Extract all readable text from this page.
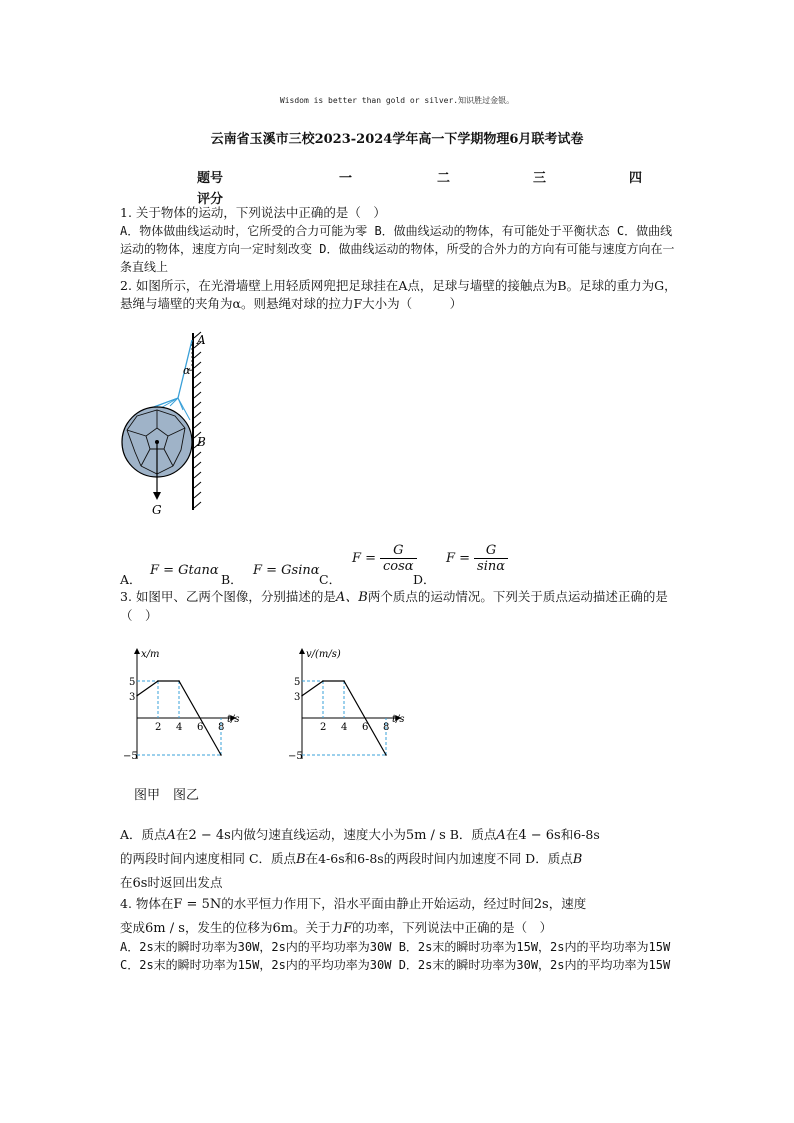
Wisdom is better than gold or silver.知识胜过金银。
云南省玉溪市三校2023-2024学年高一下学期物理6月联考试卷
题号	一	二	三	四
评分				
1. 关于物体的运动，下列说法中正确的是（　）
A．物体做曲线运动时，它所受的合力可能为零 B．做曲线运动的物体，有可能处于平衡状态 C．做曲线运动的物体，速度方向一定时刻改变 D．做曲线运动的物体，所受的合外力的方向有可能与速度方向在一条直线上
2. 如图所示，在光滑墙壁上用轻质网兜把足球挂在A点，足球与墙壁的接触点为B。足球的重力为G，悬绳与墙壁的夹角为α。则悬绳对球的拉力F大小为（　　　）
A
B
α
G
A．
F = Gtanα
B．
F = Gsinα
C．
$F = \frac{G}{\cos\alpha}$
D．
$F = \frac{G}{\sin\alpha}$
3. 如图甲、乙两个图像，分别描述的是A、B两个质点的运动情况。下列关于质点运动描述正确的是（　）
x/m
t/s
2 4 6 8
5
3
−5
v/(m/s)
t/s
2 4 6 8
5
3
−5
图甲　图乙
A．质点A在2 − 4s内做匀速直线运动，速度大小为5m / s B．质点A在4 − 6s和6-8s
的两段时间内速度相同 C．质点B在4-6s和6-8s的两段时间内加速度不同 D．质点B
在6s时返回出发点
4. 物体在F = 5N的水平恒力作用下，沿水平面由静止开始运动，经过时间2s，速度
变成6m / s，发生的位移为6m。关于力F的功率，下列说法中正确的是（　）
A．2s末的瞬时功率为30W，2s内的平均功率为30W B．2s末的瞬时功率为15W，2s内的平均功率为15W C．2s末的瞬时功率为15W，2s内的平均功率为30W D．2s末的瞬时功率为30W，2s内的平均功率为15W
